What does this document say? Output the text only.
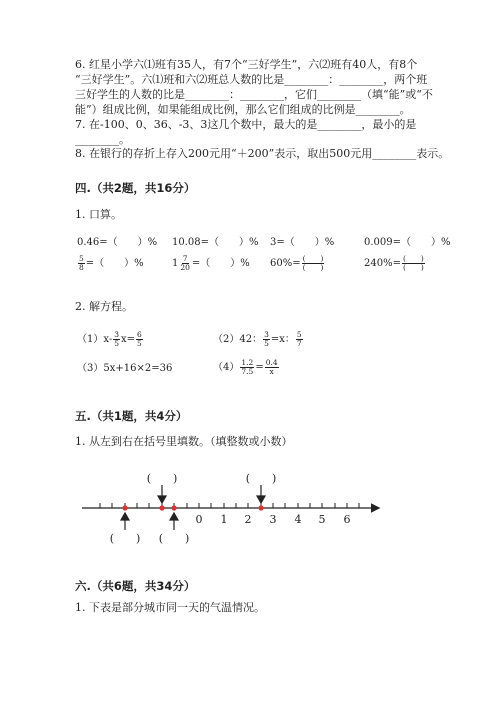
6. 红星小学六⑴班有35人，有7个“三好学生”，六⑵班有40人，有8个
“三好学生”。六⑴班和六⑵班总人数的比是________：________，两个班
三好学生的人数的比是________：________，它们________（填“能”或“不
能”）组成比例，如果能组成比例，那么它们组成的比例是________。
7. 在-100、0、36、-3、3这几个数中，最大的是________，最小的是
________。
8. 在银行的存折上存入200元用“＋200”表示，取出500元用________表示。
四.（共2题，共16分）
1. 口算。
0.46=（　　）% 10.08=（　　）% 3=（　　）%	0.009=（　　）%
$\frac{5}{8}$ =（　　）%	$1 \frac{7}{20}$ =（　　）% $60\%= \frac{( )}{( )}$	$240\%= \frac{( )}{( )}$
2. 解方程。
$(1)x- \frac{3}{5} x= \frac{6}{5}$	（2）42： $\frac{3}{5} =x$： $\frac{5}{7}$
（3）5x+16×2=36	$(4) \frac{1.2}{7.5} = \frac{0.4}{x}$
五.（共1题，共4分）
1. 从左到右在括号里填数。（填整数或小数）
0 1 2 3 4 5 6
(　　)	(　　)
(　　) (　　)
六.（共6题，共34分）
1. 下表是部分城市同一天的气温情况。
